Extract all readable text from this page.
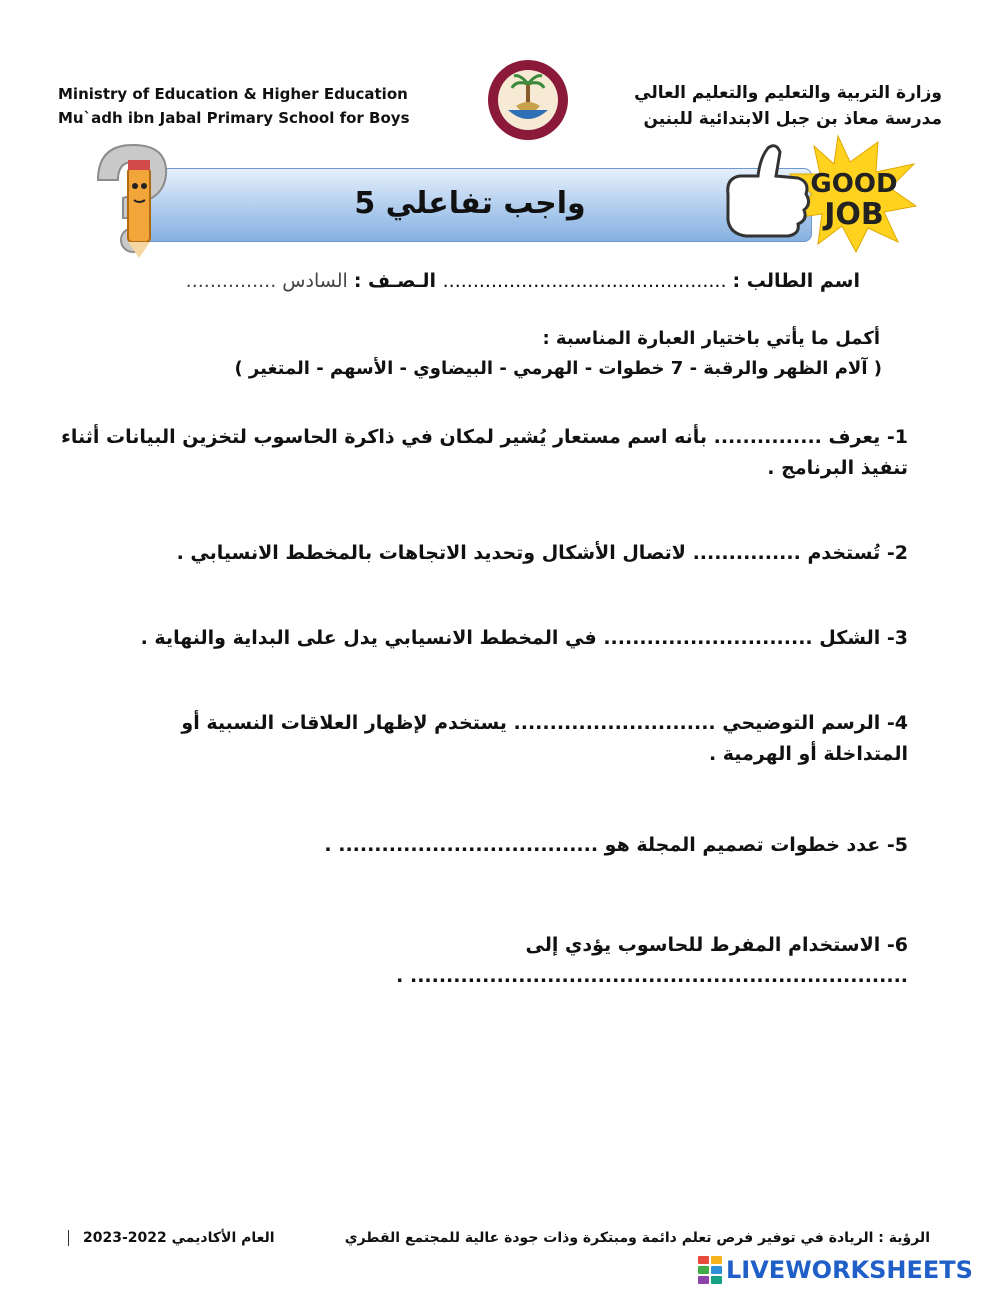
Ministry of Education & Higher Education
Mu`adh ibn Jabal Primary School for Boys
وزارة التربية والتعليم والتعليم العالي
مدرسة معاذ بن جبل الابتدائية للبنين
واجب تفاعلي 5
GOOD
JOB
اسم الطالب : ............................................... الـصـف : السادس ...............
أكمل ما يأتي باختيار العبارة المناسبة :
( آلام الظهر والرقبة - 7 خطوات - الهرمي - البيضاوي - الأسهم - المتغير )
1- يعرف ............... بأنه اسم مستعار يُشير لمكان في ذاكرة الحاسوب لتخزين البيانات أثناء تنفيذ البرنامج .
2- تُستخدم ............... لاتصال الأشكال وتحديد الاتجاهات بالمخطط الانسيابي .
3- الشكل ............................. في المخطط الانسيابي يدل على البداية والنهاية .
4- الرسم التوضيحي ............................ يستخدم لإظهار العلاقات النسبية أو المتداخلة أو الهرمية .
5- عدد خطوات تصميم المجلة هو .................................... .
6- الاستخدام المفرط للحاسوب يؤدي إلى ..................................................................... .
الرؤية : الريادة في توفير فرص تعلم دائمة ومبتكرة وذات جودة عالية للمجتمع القطري
العام الأكاديمي 2022-2023
LIVEWORKSHEETS
